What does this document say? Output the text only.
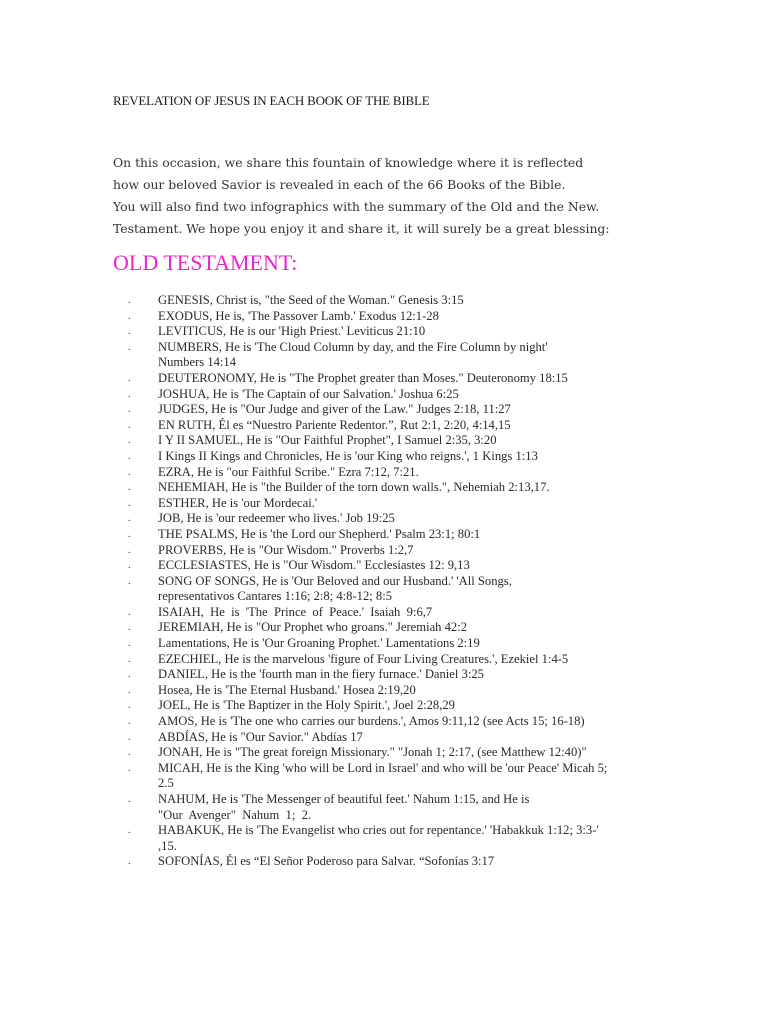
REVELATION OF JESUS IN EACH BOOK OF THE BIBLE
On this occasion, we share this fountain of knowledge where it is reflected
how our beloved Savior is revealed in each of the 66 Books of the Bible.
You will also find two infographics with the summary of the Old and the New.
Testament. We hope you enjoy it and share it, it will surely be a great blessing:
OLD TESTAMENT:
. GENESIS, Christ is, "the Seed of the Woman." Genesis 3:15
. EXODUS, He is, 'The Passover Lamb.' Exodus 12:1-28
. LEVITICUS, He is our 'High Priest.' Leviticus 21:10
. NUMBERS, He is 'The Cloud Column by day, and the Fire Column by night'
Numbers 14:14
. DEUTERONOMY, He is "The Prophet greater than Moses." Deuteronomy 18:15
. JOSHUA, He is 'The Captain of our Salvation.' Joshua 6:25
. JUDGES, He is "Our Judge and giver of the Law." Judges 2:18, 11:27
. EN RUTH, Él es “Nuestro Pariente Redentor.”, Rut 2:1, 2:20, 4:14,15
. I Y II SAMUEL, He is "Our Faithful Prophet", I Samuel 2:35, 3:20
. I Kings II Kings and Chronicles, He is 'our King who reigns.', 1 Kings 1:13
. EZRA, He is "our Faithful Scribe." Ezra 7:12, 7:21.
. NEHEMIAH, He is "the Builder of the torn down walls.", Nehemiah 2:13,17.
. ESTHER, He is 'our Mordecai.'
. JOB, He is 'our redeemer who lives.' Job 19:25
. THE PSALMS, He is 'the Lord our Shepherd.' Psalm 23:1; 80:1
. PROVERBS, He is "Our Wisdom." Proverbs 1:2,7
. ECCLESIASTES, He is "Our Wisdom." Ecclesiastes 12: 9,13
. SONG OF SONGS, He is 'Our Beloved and our Husband.' 'All Songs,
representativos Cantares 1:16; 2:8; 4:8-12; 8:5
. ISAIAH,  He  is  'The  Prince  of  Peace.'  Isaiah  9:6,7
. JEREMIAH, He is "Our Prophet who groans." Jeremiah 42:2
. Lamentations, He is 'Our Groaning Prophet.' Lamentations 2:19
. EZECHIEL, He is the marvelous 'figure of Four Living Creatures.', Ezekiel 1:4-5
. DANIEL, He is the 'fourth man in the fiery furnace.' Daniel 3:25
. Hosea, He is 'The Eternal Husband.' Hosea 2:19,20
. JOEL, He is 'The Baptizer in the Holy Spirit.', Joel 2:28,29
. AMOS, He is 'The one who carries our burdens.', Amos 9:11,12 (see Acts 15; 16-18)
. ABDÍAS, He is "Our Savior." Abdías 17
. JONAH, He is "The great foreign Missionary." "Jonah 1; 2:17, (see Matthew 12:40)"
. MICAH, He is the King 'who will be Lord in Israel' and who will be 'our Peace' Micah 5;
2.5
. NAHUM, He is 'The Messenger of beautiful feet.' Nahum 1:15, and He is
"Our  Avenger"  Nahum  1;  2.
. HABAKUK, He is 'The Evangelist who cries out for repentance.' 'Habakkuk 1:12; 3:3-'
,15.
. SOFONÍAS, Él es “El Señor Poderoso para Salvar. “Sofonías 3:17
